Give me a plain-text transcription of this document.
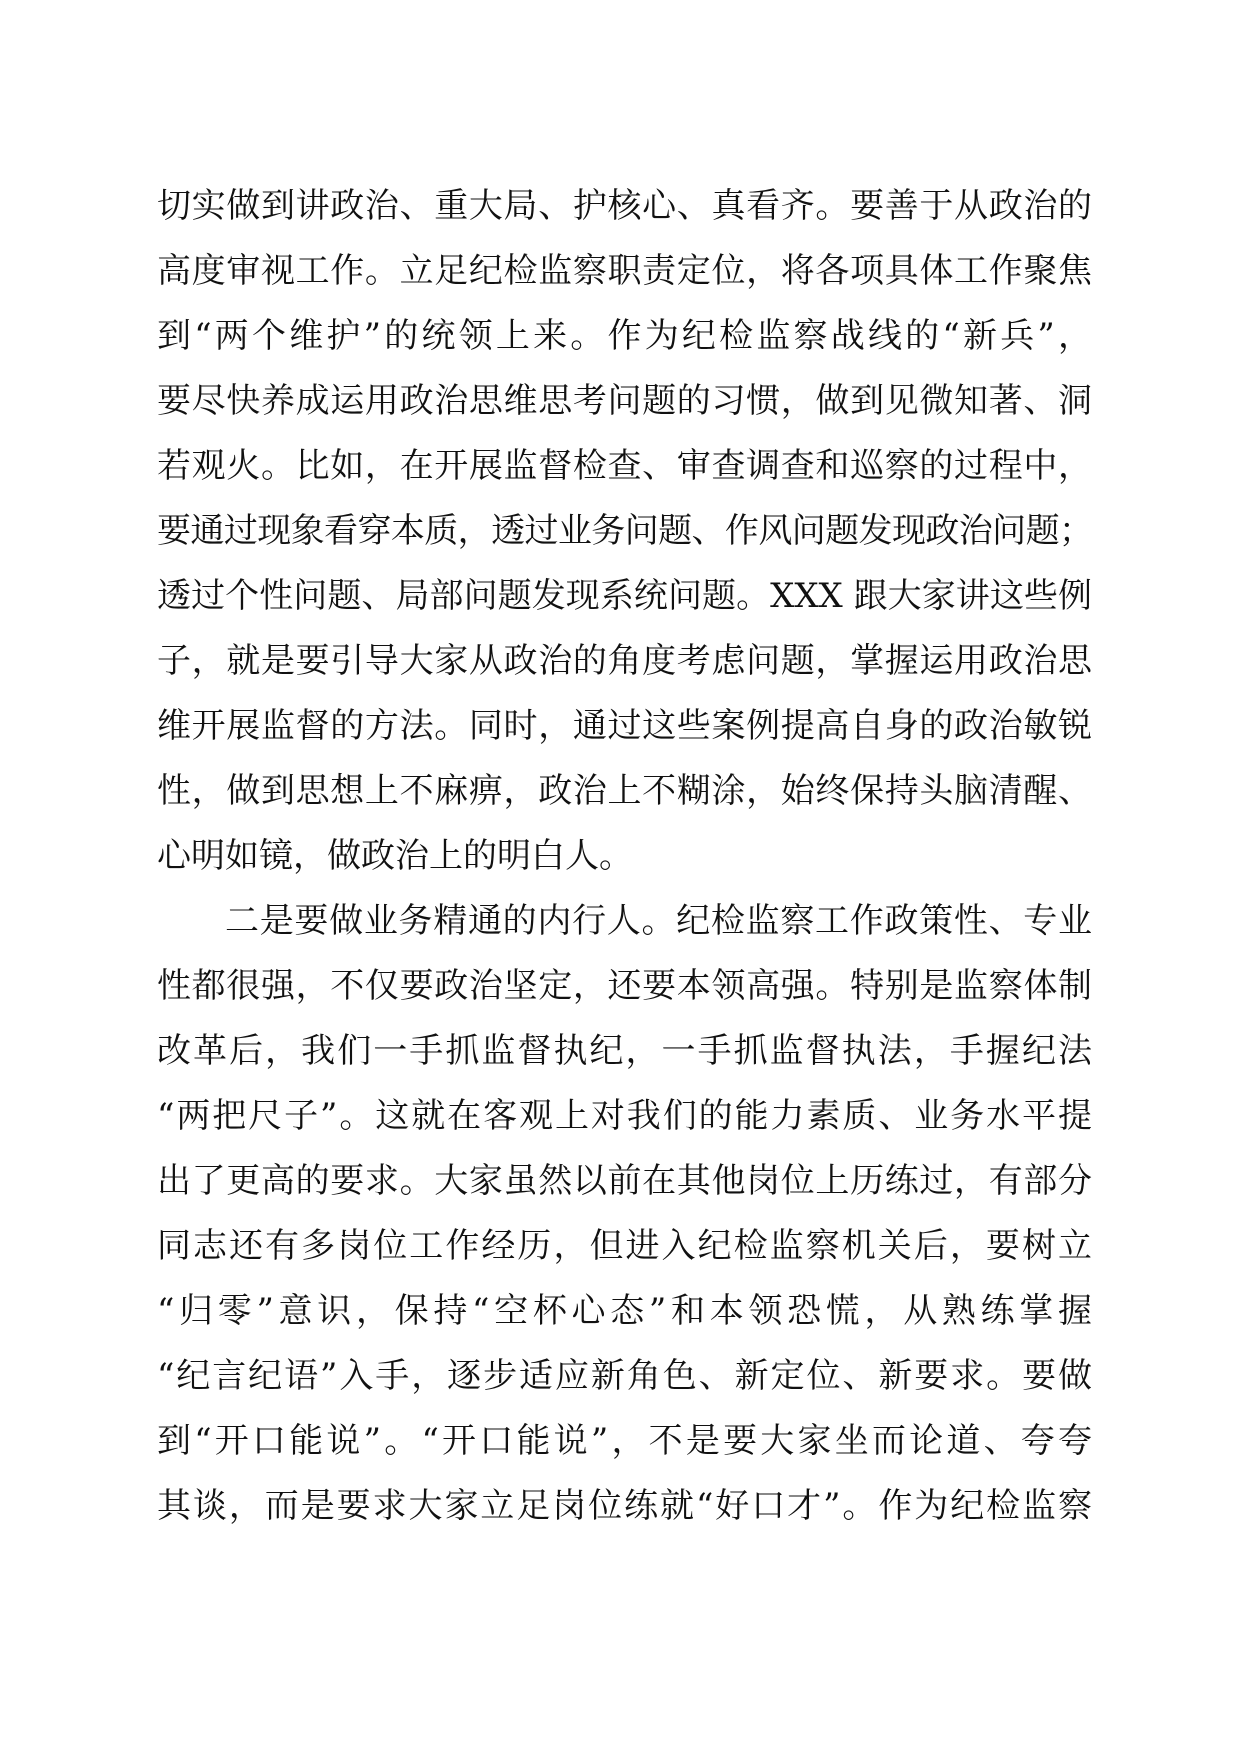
切实做到讲政治、重大局、护核心、真看齐。要善于从政治的
高度审视工作。立足纪检监察职责定位，将各项具体工作聚焦
到“两个维护”的统领上来。作为纪检监察战线的“新兵”，
要尽快养成运用政治思维思考问题的习惯，做到见微知著、洞
若观火。比如，在开展监督检查、审查调查和巡察的过程中，
要通过现象看穿本质，透过业务问题、作风问题发现政治问题；
透过个性问题、局部问题发现系统问题。XXX 跟大家讲这些例
子，就是要引导大家从政治的角度考虑问题，掌握运用政治思
维开展监督的方法。同时，通过这些案例提高自身的政治敏锐
性，做到思想上不麻痹，政治上不糊涂，始终保持头脑清醒、
心明如镜，做政治上的明白人。
二是要做业务精通的内行人。纪检监察工作政策性、专业
性都很强，不仅要政治坚定，还要本领高强。特别是监察体制
改革后，我们一手抓监督执纪，一手抓监督执法，手握纪法
“两把尺子”。这就在客观上对我们的能力素质、业务水平提
出了更高的要求。大家虽然以前在其他岗位上历练过，有部分
同志还有多岗位工作经历，但进入纪检监察机关后，要树立
“归零”意识，保持“空杯心态”和本领恐慌，从熟练掌握
“纪言纪语”入手，逐步适应新角色、新定位、新要求。要做
到“开口能说”。“开口能说”，不是要大家坐而论道、夸夸
其谈，而是要求大家立足岗位练就“好口才”。作为纪检监察
